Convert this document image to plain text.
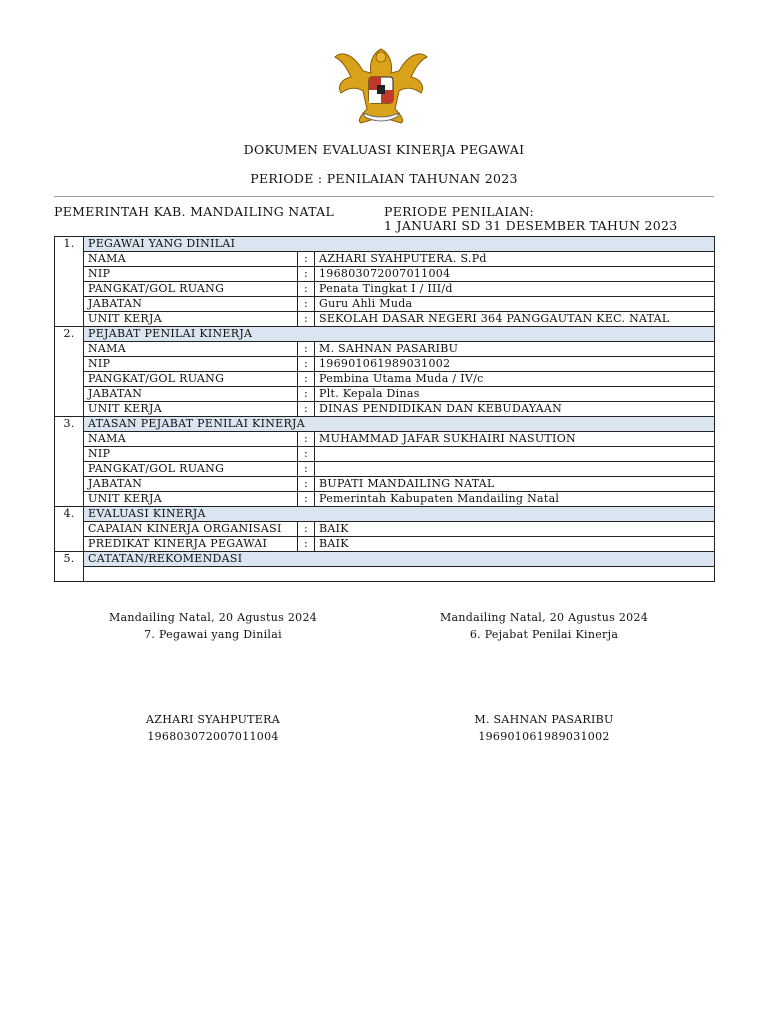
DOKUMEN EVALUASI KINERJA PEGAWAI
PERIODE : PENILAIAN TAHUNAN 2023
PEMERINTAH KAB. MANDAILING NATAL	PERIODE PENILAIAN:
1 JANUARI SD 31 DESEMBER TAHUN 2023
1.	PEGAWAI YANG DINILAI		
	NAMA	:	AZHARI SYAHPUTERA. S.Pd
	NIP	:	196803072007011004
	PANGKAT/GOL RUANG	:	Penata Tingkat I / III/d
	JABATAN	:	Guru Ahli Muda
	UNIT KERJA	:	SEKOLAH DASAR NEGERI 364 PANGGAUTAN KEC. NATAL
2.	PEJABAT PENILAI KINERJA		
	NAMA	:	M. SAHNAN PASARIBU
	NIP	:	196901061989031002
	PANGKAT/GOL RUANG	:	Pembina Utama Muda / IV/c
	JABATAN	:	Plt. Kepala Dinas
	UNIT KERJA	:	DINAS PENDIDIKAN DAN KEBUDAYAAN
3.	ATASAN PEJABAT PENILAI KINERJA		
	NAMA	:	MUHAMMAD JAFAR SUKHAIRI NASUTION
	NIP	:	
	PANGKAT/GOL RUANG	:	
	JABATAN	:	BUPATI MANDAILING NATAL
	UNIT KERJA	:	Pemerintah Kabupaten Mandailing Natal
4.	EVALUASI KINERJA		
	CAPAIAN KINERJA ORGANISASI	:	BAIK
	PREDIKAT KINERJA PEGAWAI	:	BAIK
5.	CATATAN/REKOMENDASI		

Mandailing Natal, 20 Agustus 2024
7. Pegawai yang Dinilai
AZHARI SYAHPUTERA
196803072007011004
Mandailing Natal, 20 Agustus 2024
6. Pejabat Penilai Kinerja
M. SAHNAN PASARIBU
196901061989031002
